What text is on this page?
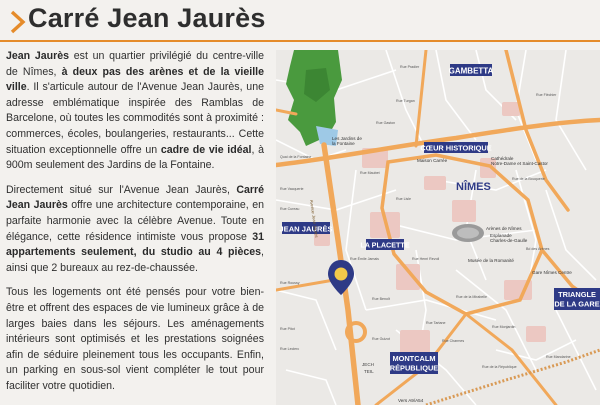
Carré Jean Jaurès

Jean Jaurès est un quartier privilégié du centre-ville de Nîmes, à deux pas des arènes et de la vieille ville. Il s'articule autour de l'Avenue Jean Jaurès, une adresse emblématique inspirée des Ramblas de Barcelone, où toutes les commodités sont à proximité : commerces, écoles, boulangeries, restaurants... Cette situation exceptionnelle offre un cadre de vie idéal, à 900m seulement des Jardins de la Fontaine.

Directement situé sur l'Avenue Jean Jaurès, Carré Jean Jaurès offre une architecture contemporaine, en parfaite harmonie avec la célèbre Avenue. Toute en élégance, cette résidence intimiste vous propose 31 appartements seulement, du studio au 4 pièces, ainsi que 2 bureaux au rez-de-chaussée.

Tous les logements ont été pensés pour votre bien-être et offrent des espaces de vie lumineux grâce à de larges baies dans les séjours. Les aménagements intérieurs sont optimisés et les prestations soignées afin de séduire pleinement tous les occupants. Enfin, un parking en sous-sol vient compléter le tout pour faciliter votre quotidien.

GAMBETTA
CŒUR HISTORIQUE
NÎMES
JEAN JAURÈS
LA PLACETTE
TRIANGLE
DE LA GARE
MONTCALM
RÉPUBLIQUE
Les Jardins de
la Fontaine
Maison Carrée	Cathédrale
Notre-Dame et Saint-Castor
Arènes de Nîmes
Esplanade
Charles-de-Gaulle
Musée de la Romanité
Gare Nîmes Centre
Vers A9/A54
Rue Pradier
Rue Turgan
Quai de la Fontaine
Rue Fléchier
Rue Gaston
Rue Maubet
Rue Vacquerie
Rue de la Bouquerie
Rue Lisle
Rue Cureau
Rue Émile Jamais	Rue Henri Revoil
Rue de la Mirabelle
Bd des Arènes
Rue Roussy
Rue Benoît
Rue Monjardin
Rue Pitot
Rue Guizot
Rue Tartane
Rue Leclerc
Rue Charmes
Rue de la République
Rue Mandarine
Avenue Jean Jaurès
JECH
TEIL
